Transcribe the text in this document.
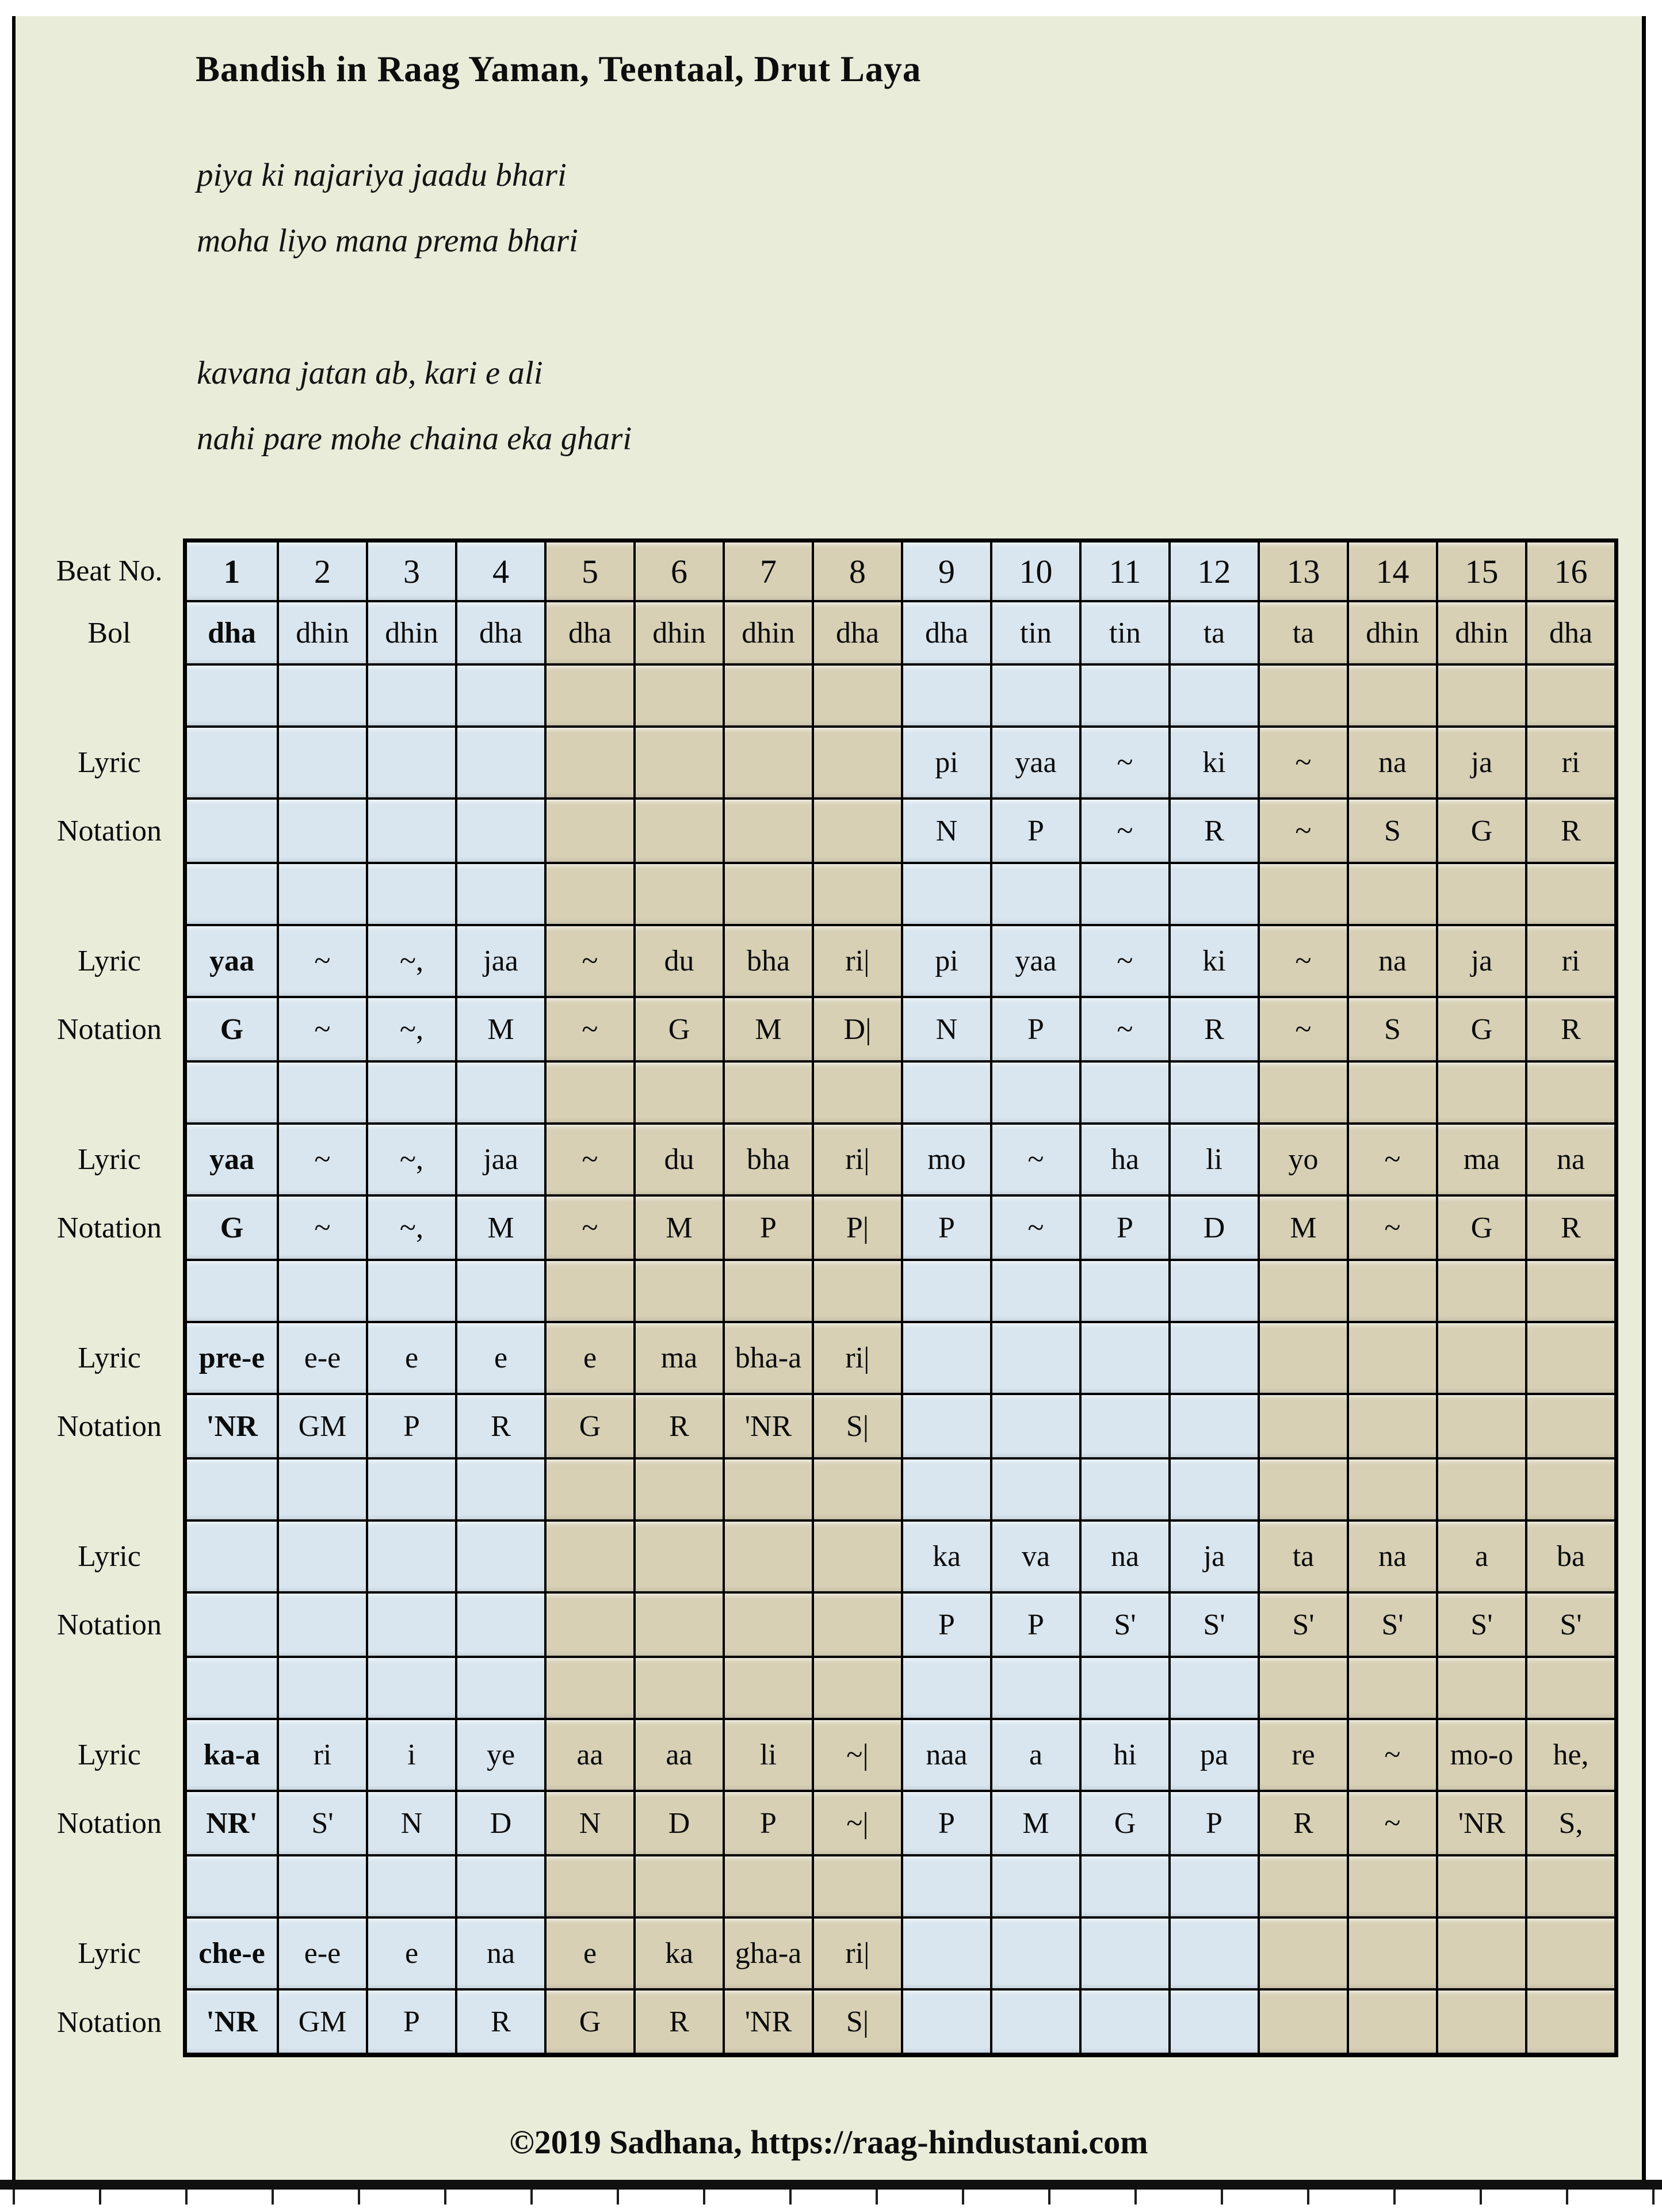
Bandish in Raag Yaman, Teentaal, Drut Laya
piya ki najariya jaadu bhari
moha liyo mana prema bhari
kavana jatan ab, kari e ali
nahi pare mohe chaina eka ghari
Beat No.	1	2	3	4	5	6	7	8	9	10	11	12	13	14	15	16
Bol	dha	dhin	dhin	dha	dha	dhin	dhin	dha	dha	tin	tin	ta	ta	dhin	dhin	dha

Lyric									pi	yaa	~	ki	~	na	ja	ri
Notation									N	P	~	R	~	S	G	R

Lyric	yaa	~	~,	jaa	~	du	bha	ri|	pi	yaa	~	ki	~	na	ja	ri
Notation	G	~	~,	M	~	G	M	D|	N	P	~	R	~	S	G	R

Lyric	yaa	~	~,	jaa	~	du	bha	ri|	mo	~	ha	li	yo	~	ma	na
Notation	G	~	~,	M	~	M	P	P|	P	~	P	D	M	~	G	R

Lyric	pre-e	e-e	e	e	e	ma	bha-a	ri|								
Notation	'NR	GM	P	R	G	R	'NR	S|								

Lyric									ka	va	na	ja	ta	na	a	ba
Notation									P	P	S'	S'	S'	S'	S'	S'

Lyric	ka-a	ri	i	ye	aa	aa	li	~|	naa	a	hi	pa	re	~	mo-o	he,
Notation	NR'	S'	N	D	N	D	P	~|	P	M	G	P	R	~	'NR	S,

Lyric	che-e	e-e	e	na	e	ka	gha-a	ri|								
Notation	'NR	GM	P	R	G	R	'NR	S|								
©2019 Sadhana, https://raag-hindustani.com
